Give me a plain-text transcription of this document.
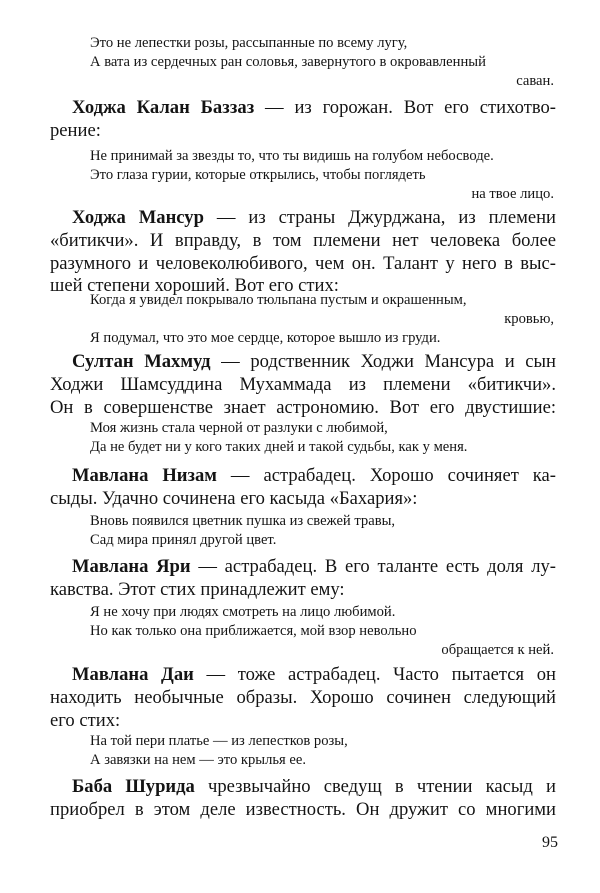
Это не лепестки розы, рассыпанные по всему лугу,
А вата из сердечных ран соловья, завернутого в окровавленный
саван.
Ходжа Калан Баззаз — из горожан. Вот его стихотво-
рение:
Не принимай за звезды то, что ты видишь на голубом небосводе.
Это глаза гурии, которые открылись, чтобы поглядеть
на твое лицо.
Ходжа Мансур — из страны Джурджана, из племени
«битикчи». И вправду, в том племени нет человека более
разумного и человеколюбивого, чем он. Талант у него в выс-
шей степени хороший. Вот его стих:
Когда я увидел покрывало тюльпана пустым и окрашенным,
кровью,
Я подумал, что это мое сердце, которое вышло из груди.
Султан Махмуд — родственник Ходжи Мансура и сын
Ходжи Шамсуддина Мухаммада из племени «битикчи».
Он в совершенстве знает астрономию. Вот его двустишие:
Моя жизнь стала черной от разлуки с любимой,
Да не будет ни у кого таких дней и такой судьбы, как у меня.
Мавлана Низам — астрабадец. Хорошо сочиняет ка-
сыды. Удачно сочинена его касыда «Бахария»:
Вновь появился цветник пушка из свежей травы,
Сад мира принял другой цвет.
Мавлана Яри — астрабадец. В его таланте есть доля лу-
кавства. Этот стих принадлежит ему:
Я не хочу при людях смотреть на лицо любимой.
Но как только она приближается, мой взор невольно
обращается к ней.
Мавлана Даи — тоже астрабадец. Часто пытается он
находить необычные образы. Хорошо сочинен следующий
его стих:
На той пери платье — из лепестков розы,
А завязки на нем — это крылья ее.
Баба Шурида чрезвычайно сведущ в чтении касыд и
приобрел в этом деле известность. Он дружит со многими
95
